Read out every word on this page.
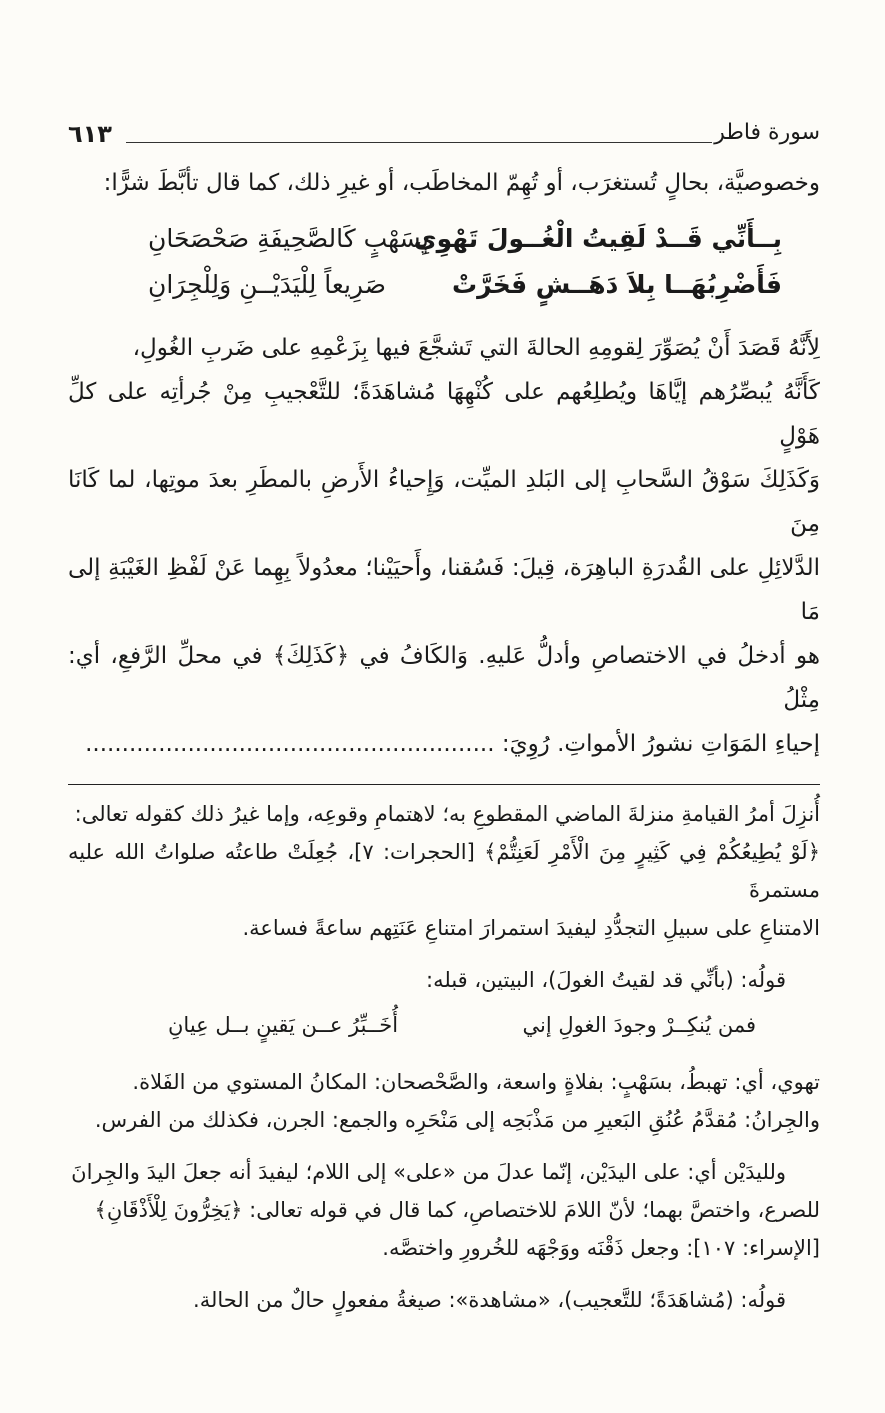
سورة فاطر
٦١٣

وخصوصيَّة، بحالٍ تُستغرَب، أو تُهِمّ المخاطَب، أو غيرِ ذلك، كما قال تأبَّطَ شرًّا:

بِــأَنِّي قَــدْ لَقِيتُ الْغُــولَ تَهْوِي
بِسَهْبٍ كَالصَّحِيفَةِ صَحْصَحَانِ
فَأَضْرِبُهَــا بِلاَ دَهَــشٍ فَخَرَّتْ
صَرِيعاً لِلْيَدَيْــنِ وَلِلْجِرَانِ

لِأَنَّهُ قَصَدَ أَنْ يُصَوِّرَ لِقومِهِ الحالةَ التي تَشجَّعَ فيها بِزَعْمِهِ على ضَربِ الغُولِ،

كَأَنَّهُ يُبصِّرُهم إيَّاهَا ويُطلِعُهم على كُنْهِهَا مُشاهَدَةً؛ للتَّعْجيبِ مِنْ جُرأتِه على كلِّ هَوْلٍ

وَكَذَلِكَ سَوْقُ السَّحابِ إلى البَلدِ الميِّت، وَإِحياءُ الأَرضِ بالمطَرِ بعدَ موتِها، لما كَانَا مِنَ

الدَّلائِلِ على القُدرَةِ الباهِرَة، قِيلَ: فَسُقنا، وأَحيَيْنا؛ معدُولاً بِهِما عَنْ لَفْظِ الغَيْبَةِ إلى مَا

هو أدخلُ في الاختصاصِ وأدلُّ عَليهِ. وَالكَافُ في ﴿كَذَلِكَ﴾ في محلِّ الرَّفعِ، أي: مِثْلُ

إحياءِ المَوَاتِ نشورُ الأمواتِ. رُوِيَ: ........................................................

أُنزِلَ أمرُ القيامةِ منزلةَ الماضي المقطوعِ به؛ لاهتمامِ وقوعِه، وإما غيرُ ذلك كقوله تعالى:

﴿لَوْ يُطِيعُكُمْ فِي كَثِيرٍ مِنَ الْأَمْرِ لَعَنِتُّمْ﴾ [الحجرات: ٧]، جُعِلَتْ طاعتُه صلواتُ الله عليه مستمرةَ

الامتناعِ على سبيلِ التجدُّدِ ليفيدَ استمرارَ امتناعِ عَنَتِهم ساعةً فساعة.

قولُه: (بأنِّي قد لقيتُ الغولَ)، البيتين، قبله:

فمن يُنكِــرْ وجودَ الغولِ إني
أُخَــبِّرُ عــن يَقينٍ بــل عِيانِ

تهوي، أي: تهبطُ، بسَهْبٍ: بفلاةٍ واسعة، والصَّحْصحان: المكانُ المستوي من الفَلاة.

والجِرانُ: مُقدَّمُ عُنُقِ البَعيرِ من مَذْبَحِه إلى مَنْحَرِه والجمع: الجرن، فكذلك من الفرس.

ولليدَيْن أي: على اليدَيْن، إنّما عدلَ من «على» إلى اللام؛ ليفيدَ أنه جعلَ اليدَ والجِرانَ

للصرع، واختصَّ بهما؛ لأنّ اللامَ للاختصاصِ، كما قال في قوله تعالى: ﴿يَخِرُّونَ لِلْأَذْقَانِ﴾

[الإسراء: ١٠٧]: وجعل ذَقْنَه ووَجْهَه للخُرورِ واختصَّه.

قولُه: (مُشاهَدَةً؛ للتَّعجيب)، «مشاهدة»: صيغةُ مفعولٍ حالٌ من الحالة.
